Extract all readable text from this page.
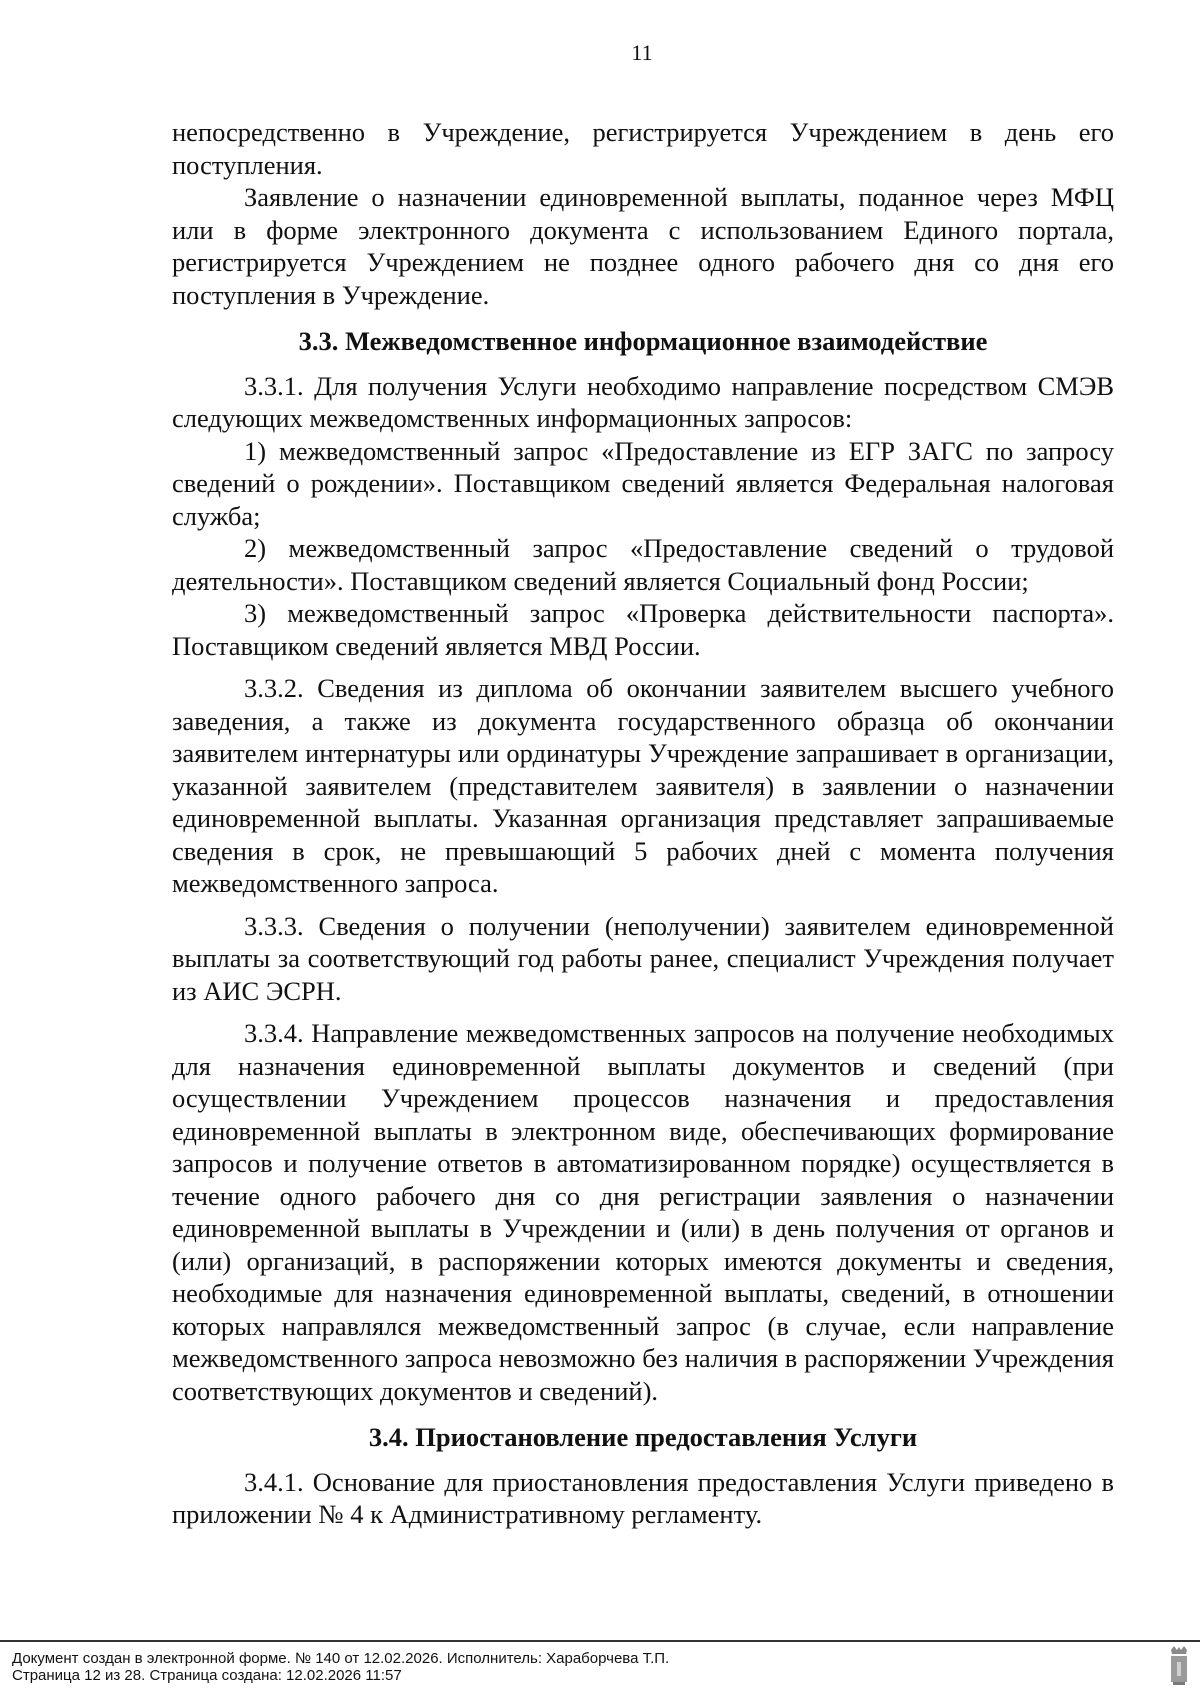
11

непосредственно в Учреждение, регистрируется Учреждением в день его поступления.

Заявление о назначении единовременной выплаты, поданное через МФЦ или в форме электронного документа с использованием Единого портала, регистрируется Учреждением не позднее одного рабочего дня со дня его поступления в Учреждение.

3.3. Межведомственное информационное взаимодействие

3.3.1. Для получения Услуги необходимо направление посредством СМЭВ следующих межведомственных информационных запросов:

1) межведомственный запрос «Предоставление из ЕГР ЗАГС по запросу сведений о рождении». Поставщиком сведений является Федеральная налоговая служба;

2) межведомственный запрос «Предоставление сведений о трудовой деятельности». Поставщиком сведений является Социальный фонд России;

3) межведомственный запрос «Проверка действительности паспорта». Поставщиком сведений является МВД России.

3.3.2. Сведения из диплома об окончании заявителем высшего учебного заведения, а также из документа государственного образца об окончании заявителем интернатуры или ординатуры Учреждение запрашивает в организации, указанной заявителем (представителем заявителя) в заявлении о назначении единовременной выплаты. Указанная организация представляет запрашиваемые сведения в срок, не превышающий 5 рабочих дней с момента получения межведомственного запроса.

3.3.3. Сведения о получении (неполучении) заявителем единовременной выплаты за соответствующий год работы ранее, специалист Учреждения получает из АИС ЭСРН.

3.3.4. Направление межведомственных запросов на получение необходимых для назначения единовременной выплаты документов и сведений (при осуществлении Учреждением процессов назначения и предоставления единовременной выплаты в электронном виде, обеспечивающих формирование запросов и получение ответов в автоматизированном порядке) осуществляется в течение одного рабочего дня со дня регистрации заявления о назначении единовременной выплаты в Учреждении и (или) в день получения от органов и (или) организаций, в распоряжении которых имеются документы и сведения, необходимые для назначения единовременной выплаты, сведений, в отношении которых направлялся межведомственный запрос (в случае, если направление межведомственного запроса невозможно без наличия в распоряжении Учреждения соответствующих документов и сведений).

3.4. Приостановление предоставления Услуги

3.4.1. Основание для приостановления предоставления Услуги приведено в приложении № 4 к Административному регламенту.

Документ создан в электронной форме. № 140 от 12.02.2026. Исполнитель: Харaборчева Т.П.
Страница 12 из 28. Страница создана: 12.02.2026 11:57
